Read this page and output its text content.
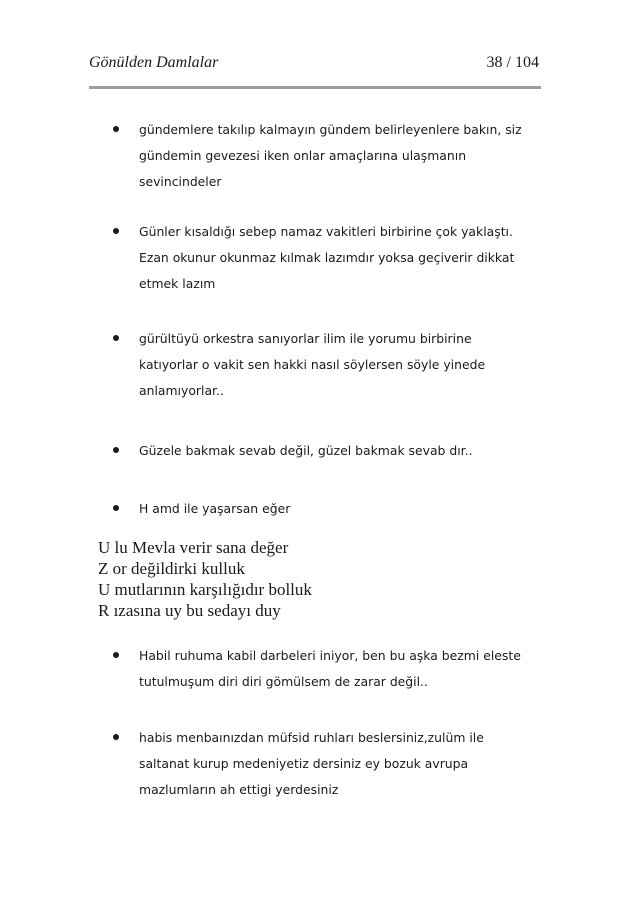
Gönülden Damlalar	38 / 104
gündemlere takılıp kalmayın gündem belirleyenlere bakın, siz
gündemin gevezesi iken onlar amaçlarına ulaşmanın
sevincindeler
Günler kısaldığı sebep namaz vakitleri birbirine çok yaklaştı.
Ezan okunur okunmaz kılmak lazımdır yoksa geçiverir dikkat
etmek lazım
gürültüyü orkestra sanıyorlar ilim ile yorumu birbirine
katıyorlar o vakit sen hakki nasıl söylersen söyle yinede
anlamıyorlar..
Güzele bakmak sevab değil, güzel bakmak sevab dır..
H amd ile yaşarsan eğer
U lu Mevla verir sana değer
Z or değildirki kulluk
U mutlarının karşılığıdır bolluk
R ızasına uy bu sedayı duy
Habil ruhuma kabil darbeleri iniyor, ben bu aşka bezmi eleste
tutulmuşum diri diri gömülsem de zarar değil..
habis menbaınızdan müfsid ruhları beslersiniz,zulüm ile
saltanat kurup medeniyetiz dersiniz ey bozuk avrupa
mazlumların ah ettigi yerdesiniz
